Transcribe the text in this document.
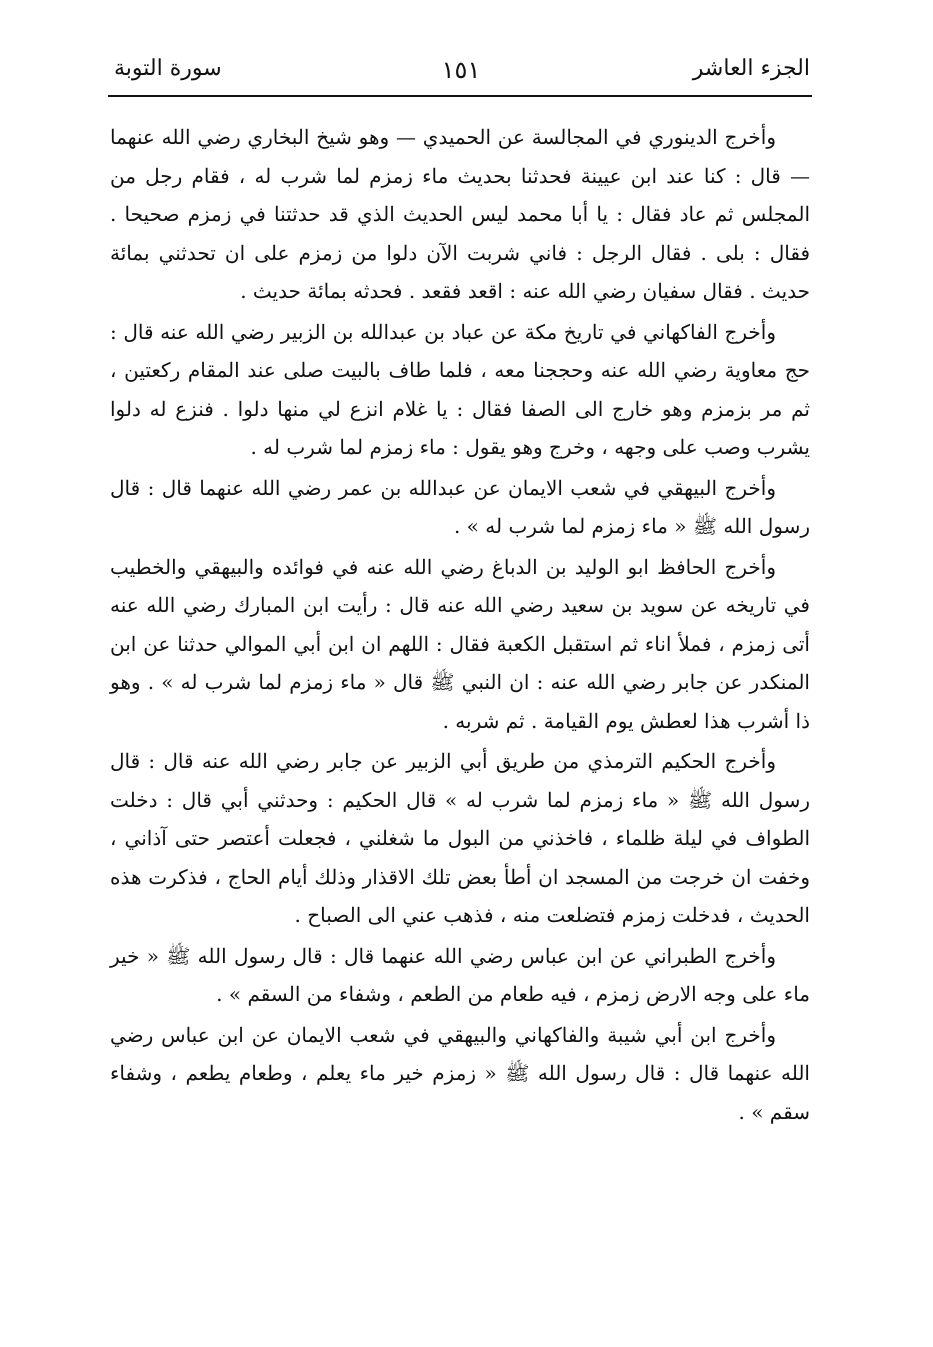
الجزء العاشر
١٥١
سورة التوبة

وأخرج الدينوري في المجالسة عن الحميدي — وهو شيخ البخاري رضي الله عنهما — قال : كنا عند ابن عيينة فحدثنا بحديث ماء زمزم لما شرب له ، فقام رجل من المجلس ثم عاد فقال : يا أبا محمد ليس الحديث الذي قد حدثتنا في زمزم صحيحا . فقال : بلى . فقال الرجل : فاني شربت الآن دلوا من زمزم على ان تحدثني بمائة حديث . فقال سفيان رضي الله عنه : اقعد فقعد . فحدثه بمائة حديث .

وأخرج الفاكهاني في تاريخ مكة عن عباد بن عبدالله بن الزبير رضي الله عنه قال : حج معاوية رضي الله عنه وحججنا معه ، فلما طاف بالبيت صلى عند المقام ركعتين ، ثم مر بزمزم وهو خارج الى الصفا فقال : يا غلام انزع لي منها دلوا . فنزع له دلوا يشرب وصب على وجهه ، وخرج وهو يقول : ماء زمزم لما شرب له .

وأخرج البيهقي في شعب الايمان عن عبدالله بن عمر رضي الله عنهما قال : قال رسول الله ﷺ « ماء زمزم لما شرب له » .

وأخرج الحافظ ابو الوليد بن الدباغ رضي الله عنه في فوائده والبيهقي والخطيب في تاريخه عن سويد بن سعيد رضي الله عنه قال : رأيت ابن المبارك رضي الله عنه أتى زمزم ، فملأ اناء ثم استقبل الكعبة فقال : اللهم ان ابن أبي الموالي حدثنا عن ابن المنكدر عن جابر رضي الله عنه : ان النبي ﷺ قال « ماء زمزم لما شرب له » . وهو ذا أشرب هذا لعطش يوم القيامة . ثم شربه .

وأخرج الحكيم الترمذي من طريق أبي الزبير عن جابر رضي الله عنه قال : قال رسول الله ﷺ « ماء زمزم لما شرب له » قال الحكيم : وحدثني أبي قال : دخلت الطواف في ليلة ظلماء ، فاخذني من البول ما شغلني ، فجعلت أعتصر حتى آذاني ، وخفت ان خرجت من المسجد ان أطأ بعض تلك الاقذار وذلك أيام الحاج ، فذكرت هذه الحديث ، فدخلت زمزم فتضلعت منه ، فذهب عني الى الصباح .

وأخرج الطبراني عن ابن عباس رضي الله عنهما قال : قال رسول الله ﷺ « خير ماء على وجه الارض زمزم ، فيه طعام من الطعم ، وشفاء من السقم » .

وأخرج ابن أبي شيبة والفاكهاني والبيهقي في شعب الايمان عن ابن عباس رضي الله عنهما قال : قال رسول الله ﷺ « زمزم خير ماء يعلم ، وطعام يطعم ، وشفاء سقم » .
